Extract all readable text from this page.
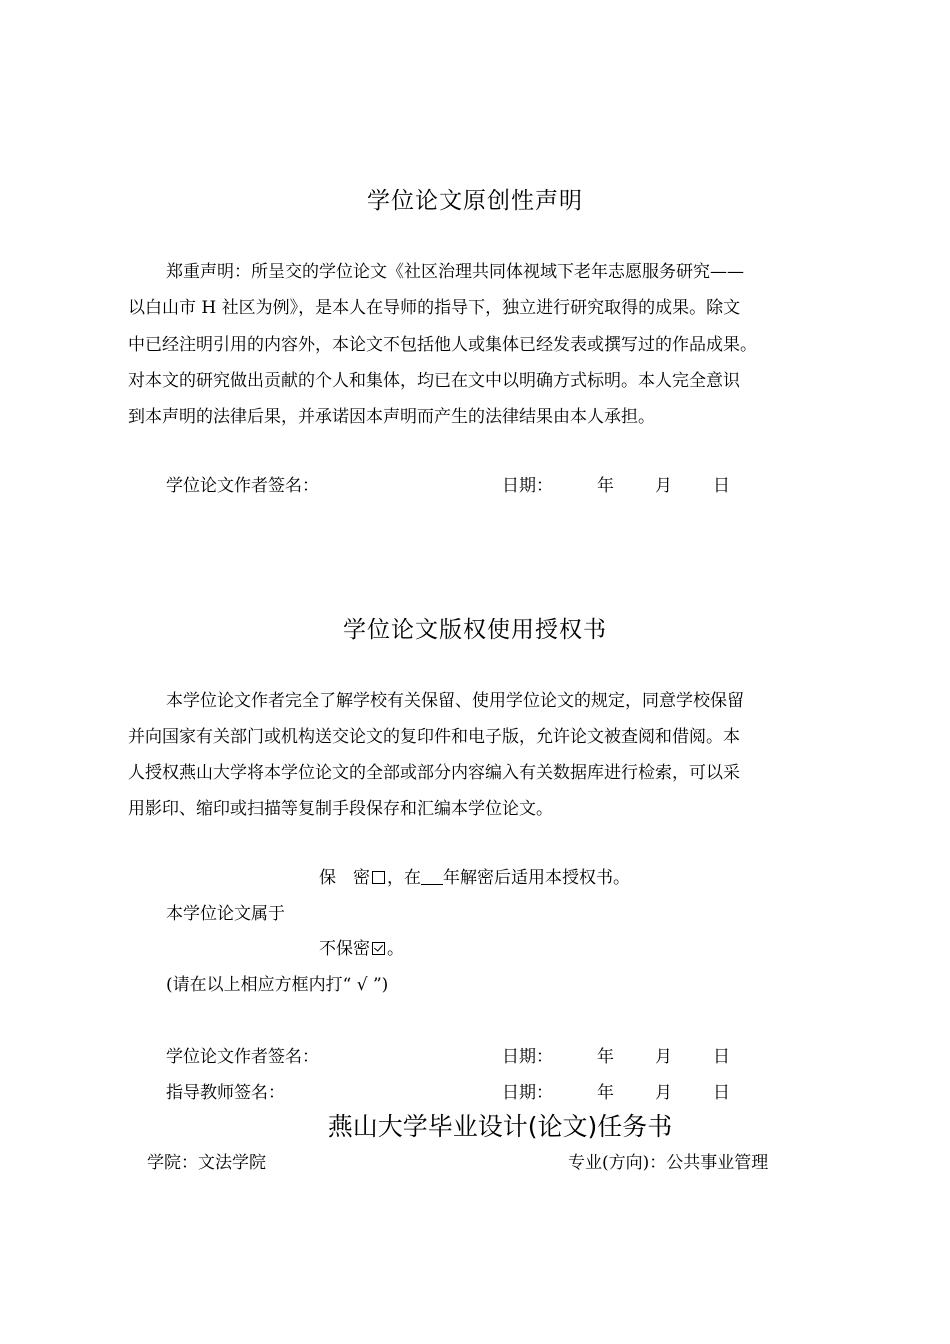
学位论文原创性声明
郑重声明：所呈交的学位论文《社区治理共同体视域下老年志愿服务研究——
以白山市 H 社区为例》，是本人在导师的指导下，独立进行研究取得的成果。除文
中已经注明引用的内容外，本论文不包括他人或集体已经发表或撰写过的作品成果。
对本文的研究做出贡献的个人和集体，均已在文中以明确方式标明。本人完全意识
到本声明的法律后果，并承诺因本声明而产生的法律结果由本人承担。
学位论文作者签名：	日期：	年 月 日
学位论文版权使用授权书
本学位论文作者完全了解学校有关保留、使用学位论文的规定，同意学校保留
并向国家有关部门或机构送交论文的复印件和电子版，允许论文被查阅和借阅。本
人授权燕山大学将本学位论文的全部或部分内容编入有关数据库进行检索，可以采
用影印、缩印或扫描等复制手段保存和汇编本学位论文。
保　密 ，在 年解密后适用本授权书。
本学位论文属于
不保密 。
(请在以上相应方框内打“ √ ”)
学位论文作者签名：	日期：	年 月 日
指导教师签名：	日期：	年 月 日
燕山大学毕业设计(论文)任务书
学院：文法学院	专业(方向)：公共事业管理
